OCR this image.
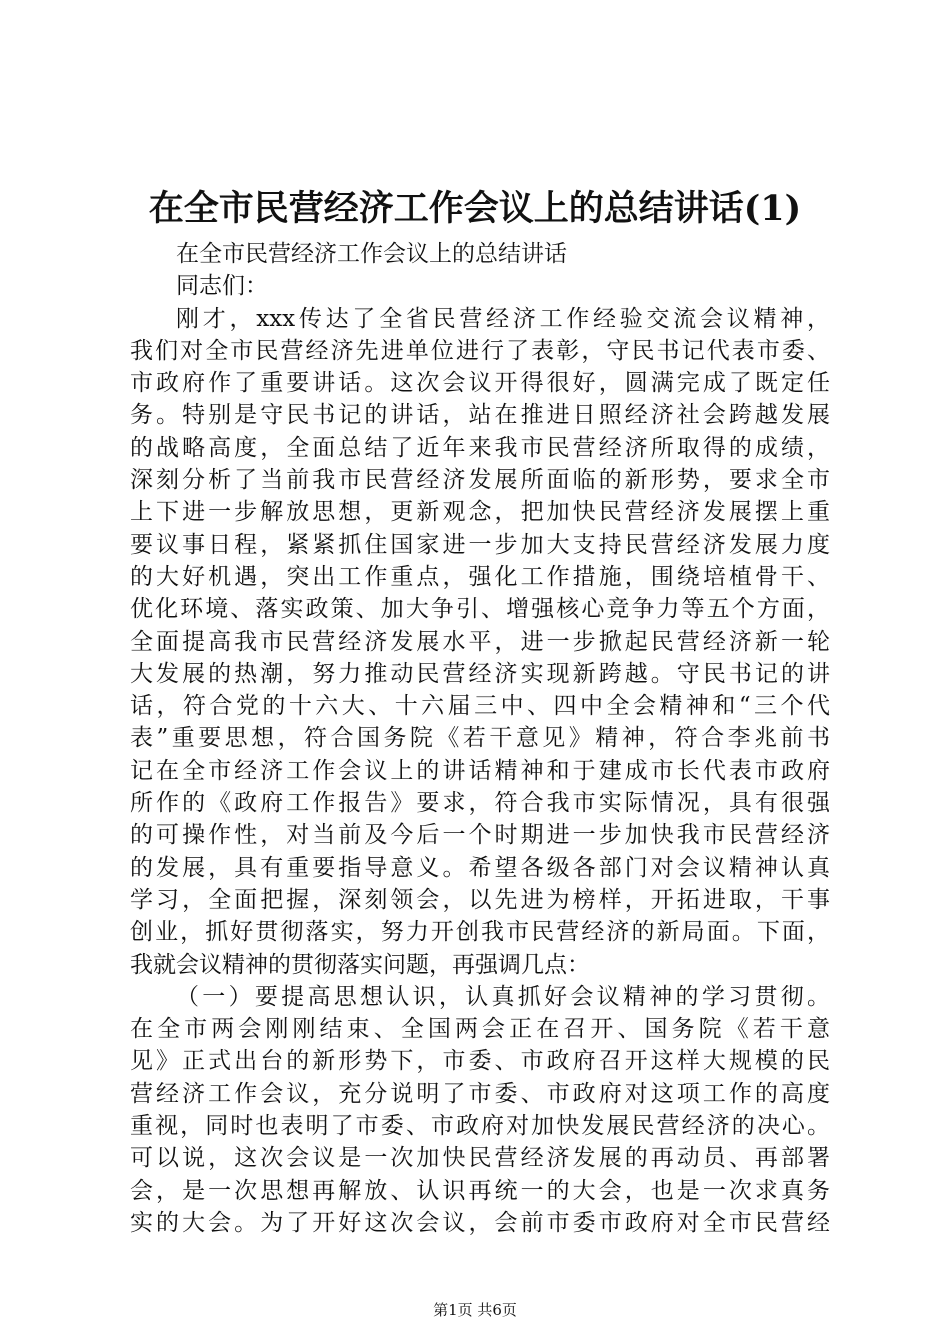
在全市民营经济工作会议上的总结讲话(1)
在全市民营经济工作会议上的总结讲话
同志们：
刚才，xxx传达了全省民营经济工作经验交流会议精神，
我们对全市民营经济先进单位进行了表彰，守民书记代表市委、
市政府作了重要讲话。这次会议开得很好，圆满完成了既定任
务。特别是守民书记的讲话，站在推进日照经济社会跨越发展
的战略高度，全面总结了近年来我市民营经济所取得的成绩，
深刻分析了当前我市民营经济发展所面临的新形势，要求全市
上下进一步解放思想，更新观念，把加快民营经济发展摆上重
要议事日程，紧紧抓住国家进一步加大支持民营经济发展力度
的大好机遇，突出工作重点，强化工作措施，围绕培植骨干、
优化环境、落实政策、加大争引、增强核心竞争力等五个方面，
全面提高我市民营经济发展水平，进一步掀起民营经济新一轮
大发展的热潮，努力推动民营经济实现新跨越。守民书记的讲
话，符合党的十六大、十六届三中、四中全会精神和“三个代
表”重要思想，符合国务院《若干意见》精神，符合李兆前书
记在全市经济工作会议上的讲话精神和于建成市长代表市政府
所作的《政府工作报告》要求，符合我市实际情况，具有很强
的可操作性，对当前及今后一个时期进一步加快我市民营经济
的发展，具有重要指导意义。希望各级各部门对会议精神认真
学习，全面把握，深刻领会，以先进为榜样，开拓进取，干事
创业，抓好贯彻落实，努力开创我市民营经济的新局面。下面，
我就会议精神的贯彻落实问题，再强调几点：
（一）要提高思想认识，认真抓好会议精神的学习贯彻。
在全市两会刚刚结束、全国两会正在召开、国务院《若干意
见》正式出台的新形势下，市委、市政府召开这样大规模的民
营经济工作会议，充分说明了市委、市政府对这项工作的高度
重视，同时也表明了市委、市政府对加快发展民营经济的决心。
可以说，这次会议是一次加快民营经济发展的再动员、再部署
会，是一次思想再解放、认识再统一的大会，也是一次求真务
实的大会。为了开好这次会议，会前市委市政府对全市民营经
第1页 共6页
